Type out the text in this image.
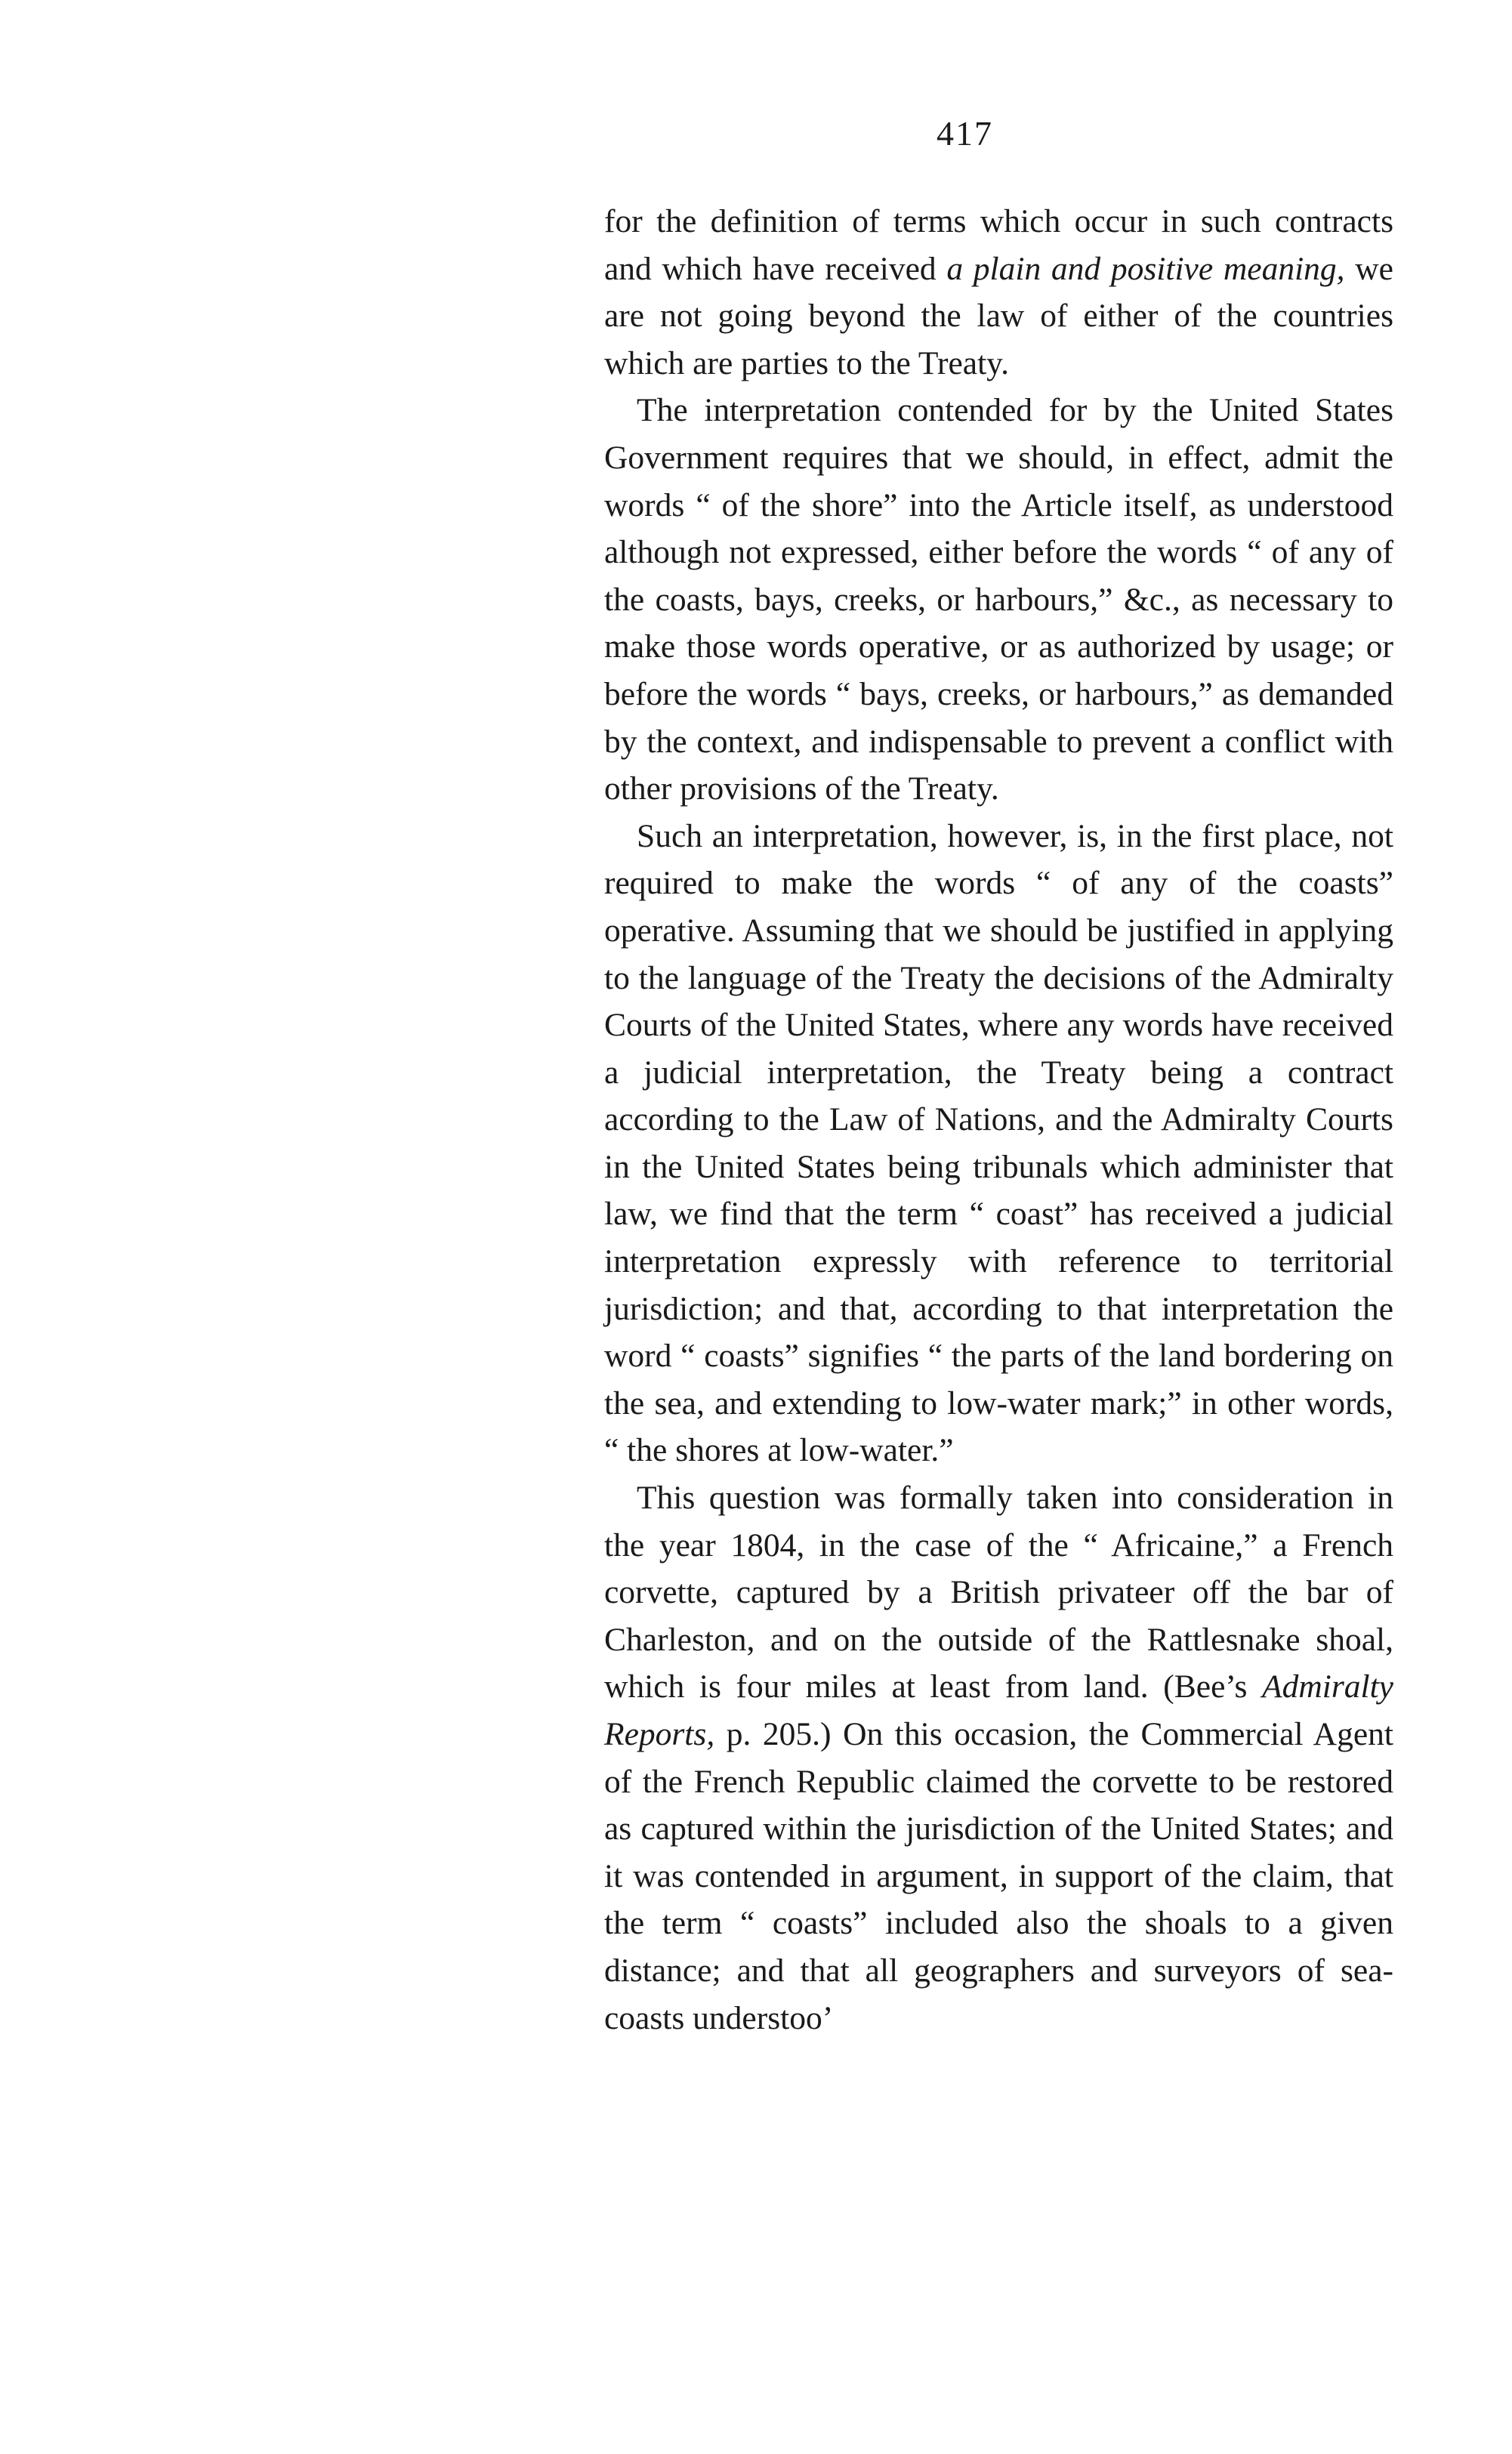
417

for the definition of terms which occur in such contracts and which have received a plain and positive meaning, we are not going beyond the law of either of the countries which are parties to the Treaty.

The interpretation contended for by the United States Government requires that we should, in effect, admit the words “ of the shore” into the Article itself, as understood although not expressed, either before the words “ of any of the coasts, bays, creeks, or harbours,” &c., as necessary to make those words operative, or as authorized by usage; or before the words “ bays, creeks, or harbours,” as demanded by the context, and indispensable to prevent a conflict with other provisions of the Treaty.

Such an interpretation, however, is, in the first place, not required to make the words “ of any of the coasts” operative. Assuming that we should be justified in applying to the language of the Treaty the decisions of the Admiralty Courts of the United States, where any words have received a judicial interpretation, the Treaty being a contract according to the Law of Nations, and the Admiralty Courts in the United States being tribunals which administer that law, we find that the term “ coast” has received a judicial interpretation expressly with reference to territorial jurisdiction; and that, according to that interpretation the word “ coasts” signifies “ the parts of the land bordering on the sea, and extending to low-water mark;” in other words, “ the shores at low-water.”

This question was formally taken into consideration in the year 1804, in the case of the “ Africaine,” a French corvette, captured by a British privateer off the bar of Charleston, and on the outside of the Rattlesnake shoal, which is four miles at least from land. (Bee’s Admiralty Reports, p. 205.) On this occasion, the Commercial Agent of the French Republic claimed the corvette to be restored as captured within the jurisdiction of the United States; and it was contended in argument, in support of the claim, that the term “ coasts” included also the shoals to a given distance; and that all geographers and surveyors of sea-coasts understoo’
